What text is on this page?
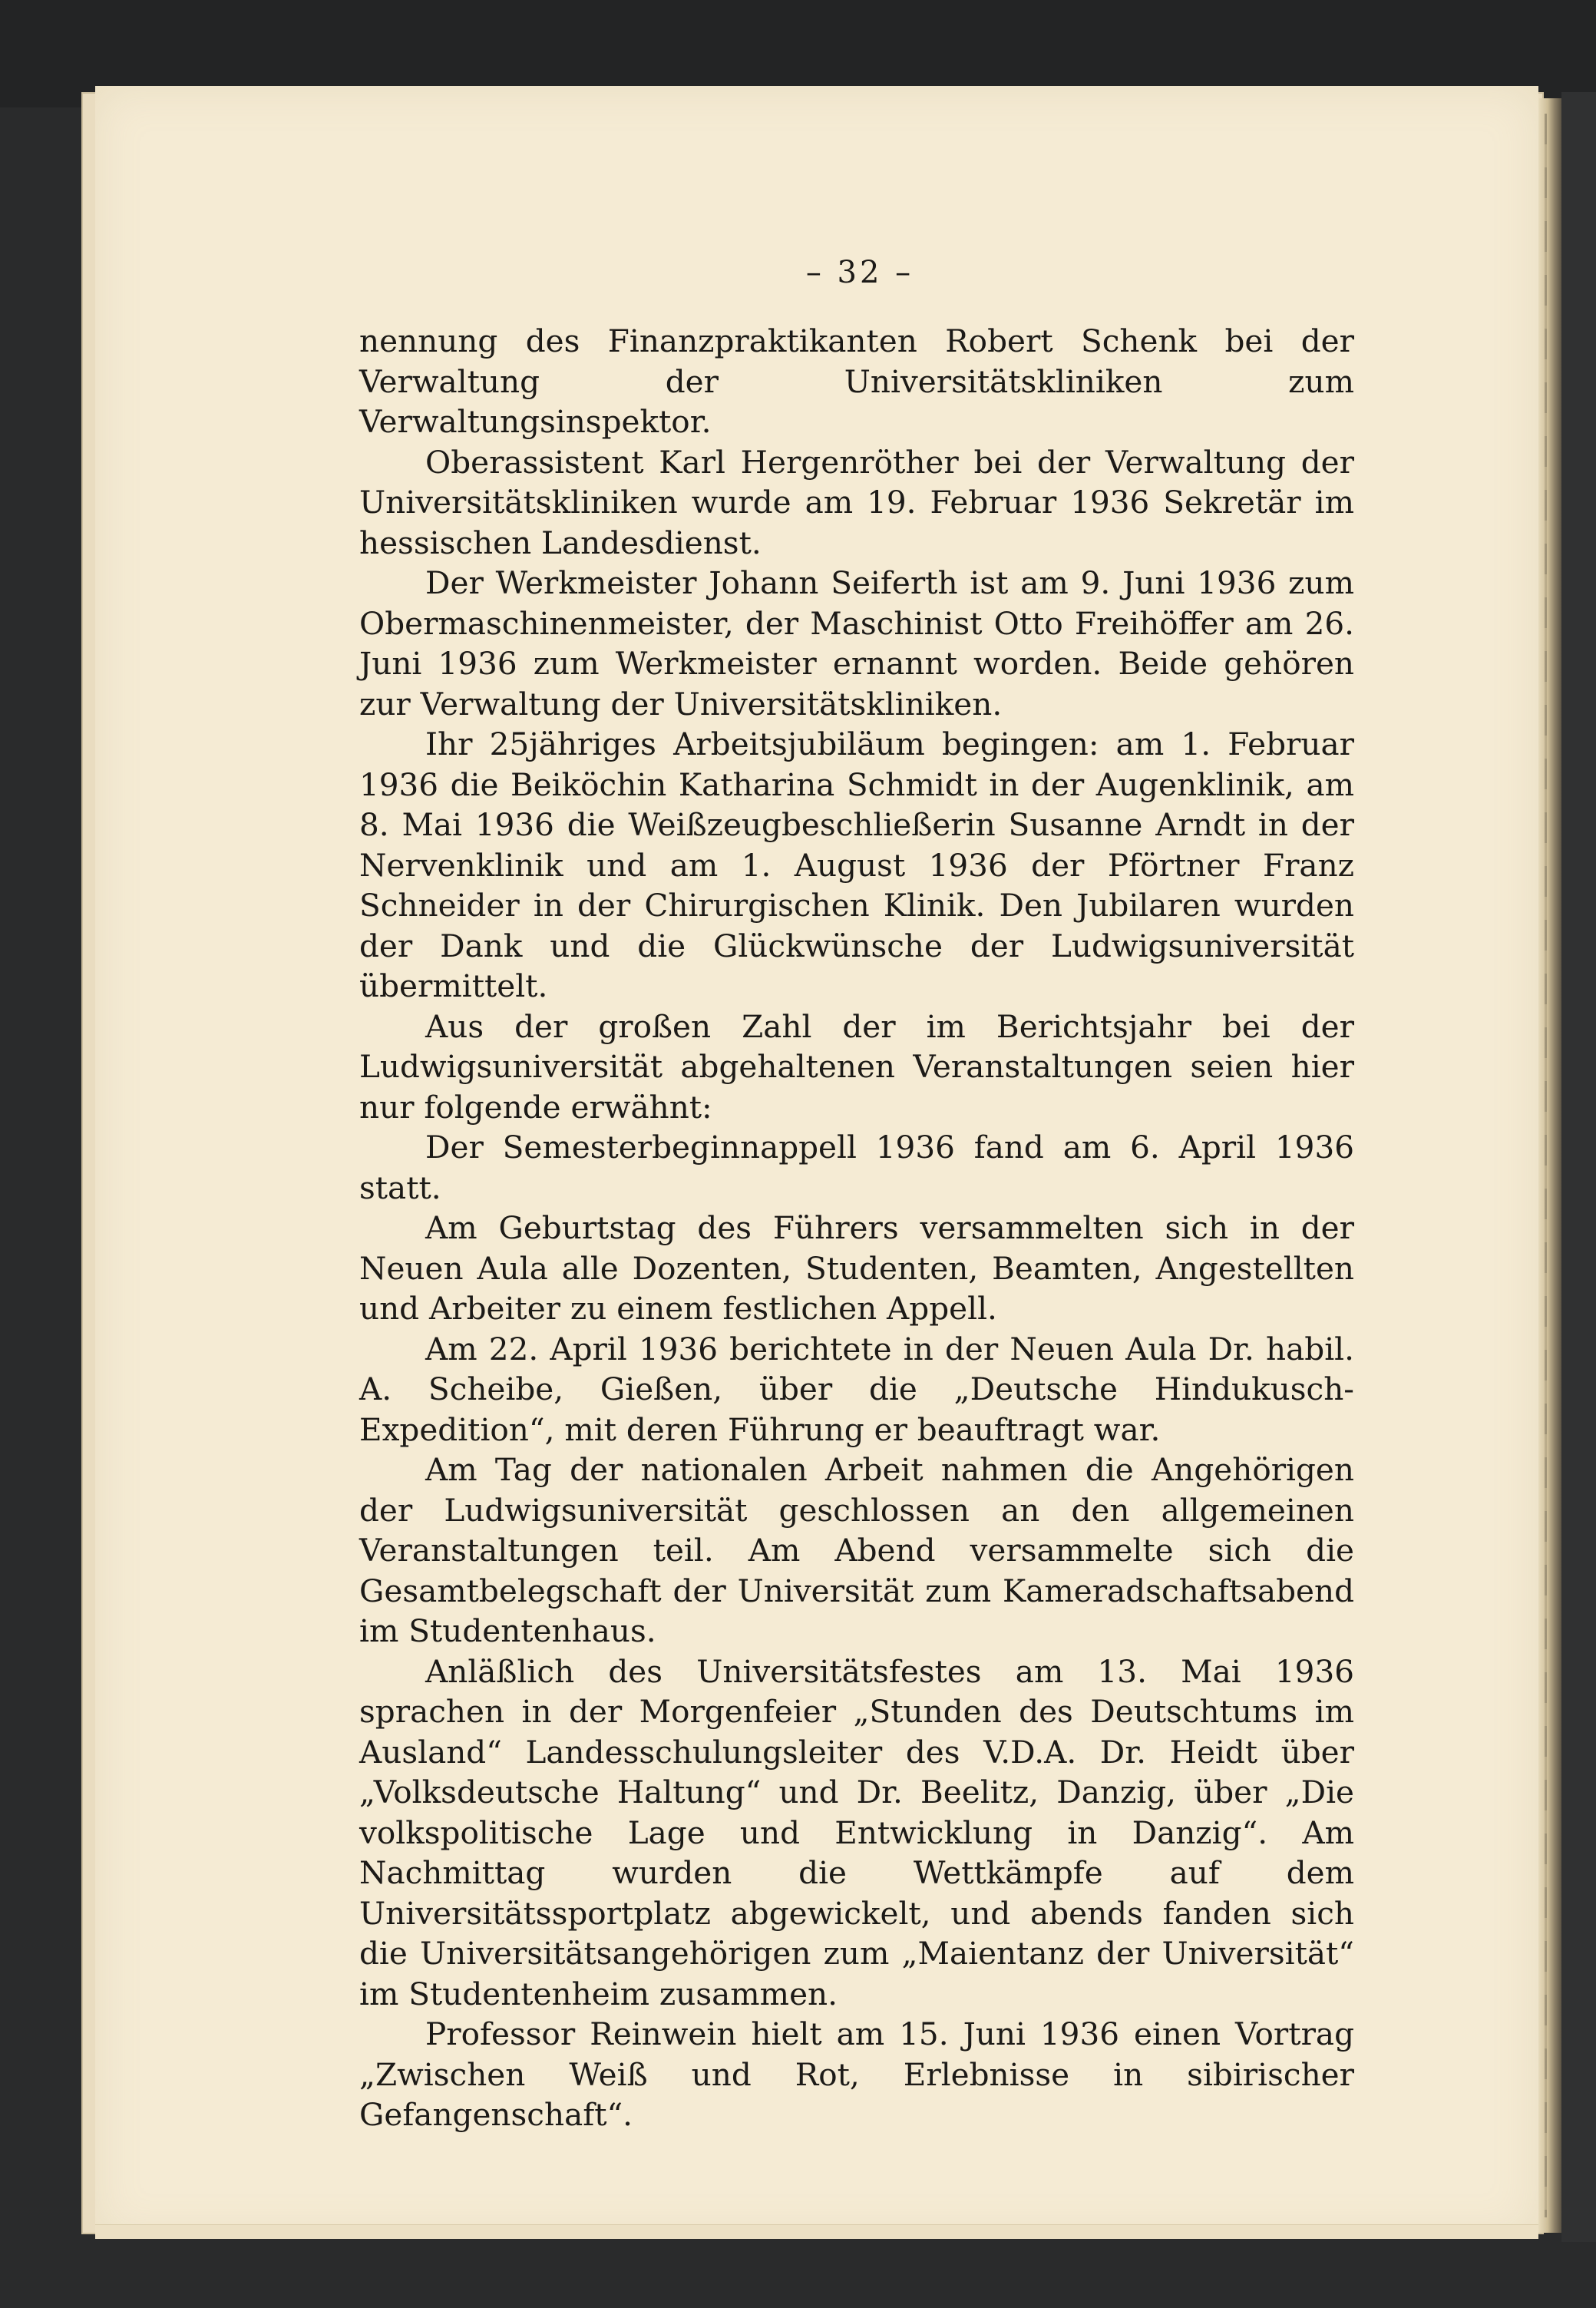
– 32 –

nennung des Finanzpraktikanten Robert Schenk bei der Verwaltung der Universitätskliniken zum Verwaltungsinspektor.

Oberassistent Karl Hergenröther bei der Verwaltung der Universitätskliniken wurde am 19. Februar 1936 Sekretär im hessischen Landesdienst.

Der Werkmeister Johann Seiferth ist am 9. Juni 1936 zum Obermaschinenmeister, der Maschinist Otto Freihöffer am 26. Juni 1936 zum Werkmeister ernannt worden. Beide gehören zur Verwaltung der Universitätskliniken.

Ihr 25jähriges Arbeitsjubiläum begingen: am 1. Februar 1936 die Beiköchin Katharina Schmidt in der Augenklinik, am 8. Mai 1936 die Weißzeugbeschließerin Susanne Arndt in der Nervenklinik und am 1. August 1936 der Pförtner Franz Schneider in der Chirurgischen Klinik. Den Jubilaren wurden der Dank und die Glückwünsche der Ludwigsuniversität übermittelt.

Aus der großen Zahl der im Berichtsjahr bei der Ludwigsuniversität abgehaltenen Veranstaltungen seien hier nur folgende erwähnt:

Der Semesterbeginnappell 1936 fand am 6. April 1936 statt.

Am Geburtstag des Führers versammelten sich in der Neuen Aula alle Dozenten, Studenten, Beamten, Angestellten und Arbeiter zu einem festlichen Appell.

Am 22. April 1936 berichtete in der Neuen Aula Dr. habil. A. Scheibe, Gießen, über die „Deutsche Hindukusch-Expedition“, mit deren Führung er beauftragt war.

Am Tag der nationalen Arbeit nahmen die Angehörigen der Ludwigsuniversität geschlossen an den allgemeinen Veranstaltungen teil. Am Abend versammelte sich die Gesamtbelegschaft der Universität zum Kameradschaftsabend im Studentenhaus.

Anläßlich des Universitätsfestes am 13. Mai 1936 sprachen in der Morgenfeier „Stunden des Deutschtums im Ausland“ Landesschulungsleiter des V.D.A. Dr. Heidt über „Volksdeutsche Haltung“ und Dr. Beelitz, Danzig, über „Die volkspolitische Lage und Entwicklung in Danzig“. Am Nachmittag wurden die Wettkämpfe auf dem Universitätssportplatz abgewickelt, und abends fanden sich die Universitätsangehörigen zum „Maientanz der Universität“ im Studentenheim zusammen.

Professor Reinwein hielt am 15. Juni 1936 einen Vortrag „Zwischen Weiß und Rot, Erlebnisse in sibirischer Gefangenschaft“.
